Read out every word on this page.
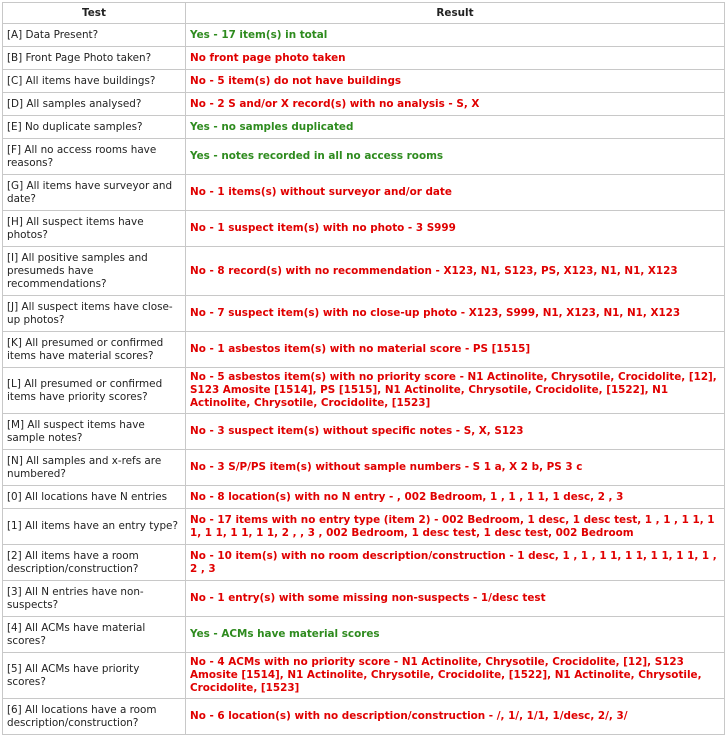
Test	Result
[A] Data Present?	Yes - 17 item(s) in total
[B] Front Page Photo taken?	No front page photo taken
[C] All items have buildings?	No - 5 item(s) do not have buildings
[D] All samples analysed?	No - 2 S and/or X record(s) with no analysis - S, X
[E] No duplicate samples?	Yes - no samples duplicated
[F] All no access rooms have reasons?	Yes - notes recorded in all no access rooms
[G] All items have surveyor and date?	No - 1 items(s) without surveyor and/or date
[H] All suspect items have photos?	No - 1 suspect item(s) with no photo - 3 S999
[I] All positive samples and presumeds have recommendations?	No - 8 record(s) with no recommendation - X123, N1, S123, PS, X123, N1, N1, X123
[J] All suspect items have close-up photos?	No - 7 suspect item(s) with no close-up photo - X123, S999, N1, X123, N1, N1, X123
[K] All presumed or confirmed items have material scores?	No - 1 asbestos item(s) with no material score - PS [1515]
[L] All presumed or confirmed items have priority scores?	No - 5 asbestos item(s) with no priority score - N1 Actinolite, Chrysotile, Crocidolite, [12], S123 Amosite [1514], PS [1515], N1 Actinolite, Chrysotile, Crocidolite, [1522], N1 Actinolite, Chrysotile, Crocidolite, [1523]
[M] All suspect items have sample notes?	No - 3 suspect item(s) without specific notes - S, X, S123
[N] All samples and x-refs are numbered?	No - 3 S/P/PS item(s) without sample numbers - S 1 a, X 2 b, PS 3 c
[0] All locations have N entries	No - 8 location(s) with no N entry - , 002 Bedroom, 1 , 1 , 1 1, 1 desc, 2 , 3
[1] All items have an entry type?	No - 17 items with no entry type (item 2) - 002 Bedroom, 1 desc, 1 desc test, 1 , 1 , 1 1, 1 1, 1 1, 1 1, 1 1, 2 , , 3 , 002 Bedroom, 1 desc test, 1 desc test, 002 Bedroom
[2] All items have a room description/construction?	No - 10 item(s) with no room description/construction - 1 desc, 1 , 1 , 1 1, 1 1, 1 1, 1 1, 1 , 2 , 3
[3] All N entries have non-suspects?	No - 1 entry(s) with some missing non-suspects - 1/desc test
[4] All ACMs have material scores?	Yes - ACMs have material scores
[5] All ACMs have priority scores?	No - 4 ACMs with no priority score - N1 Actinolite, Chrysotile, Crocidolite, [12], S123 Amosite [1514], N1 Actinolite, Chrysotile, Crocidolite, [1522], N1 Actinolite, Chrysotile, Crocidolite, [1523]
[6] All locations have a room description/construction?	No - 6 location(s) with no description/construction - /, 1/, 1/1, 1/desc, 2/, 3/
